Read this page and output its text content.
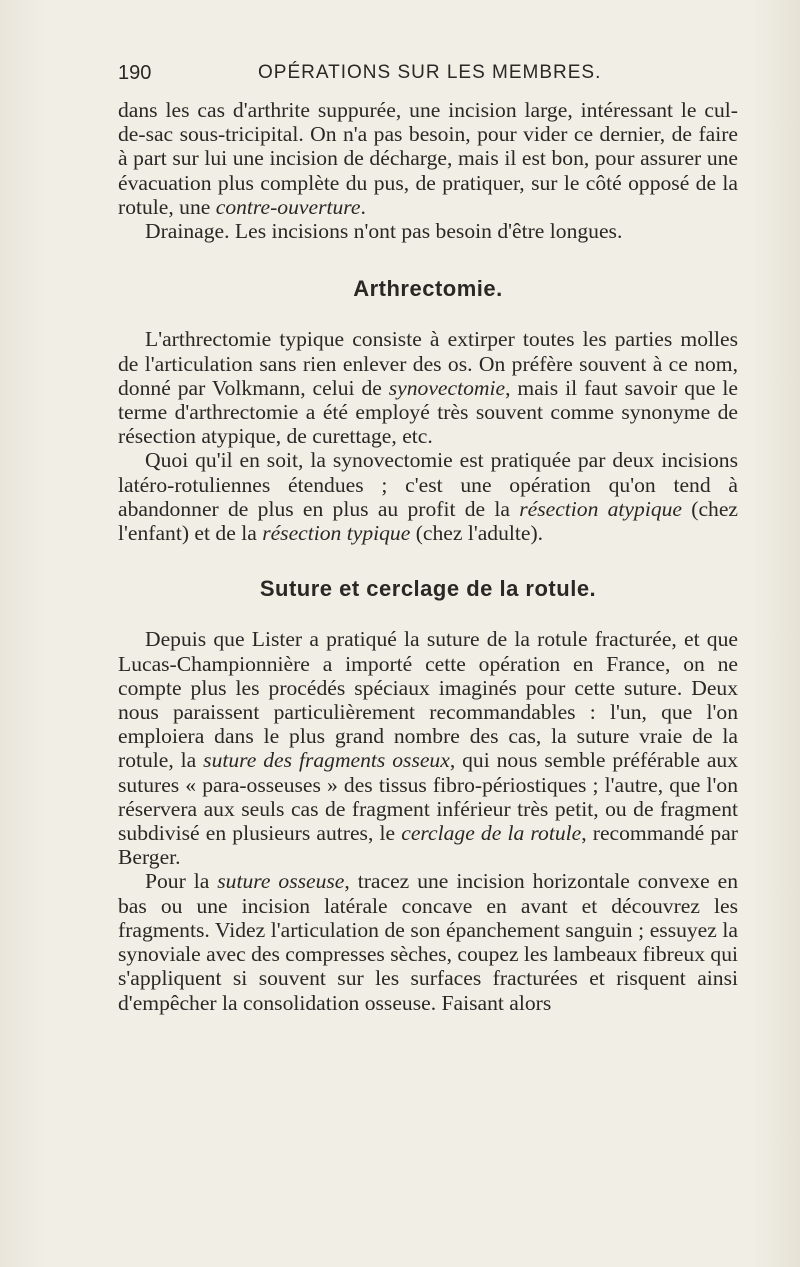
190	OPÉRATIONS SUR LES MEMBRES.

dans les cas d'arthrite suppurée, une incision large, intéressant le cul-de-sac sous-tricipital. On n'a pas besoin, pour vider ce dernier, de faire à part sur lui une incision de décharge, mais il est bon, pour assurer une évacuation plus complète du pus, de pratiquer, sur le côté opposé de la rotule, une contre-ouverture.

Drainage. Les incisions n'ont pas besoin d'être longues.

Arthrectomie.

L'arthrectomie typique consiste à extirper toutes les parties molles de l'articulation sans rien enlever des os. On préfère souvent à ce nom, donné par Volkmann, celui de synovectomie, mais il faut savoir que le terme d'arthrectomie a été employé très souvent comme synonyme de résection atypique, de curettage, etc.

Quoi qu'il en soit, la synovectomie est pratiquée par deux incisions latéro-rotuliennes étendues ; c'est une opération qu'on tend à abandonner de plus en plus au profit de la résection atypique (chez l'enfant) et de la résection typique (chez l'adulte).

Suture et cerclage de la rotule.

Depuis que Lister a pratiqué la suture de la rotule fracturée, et que Lucas-Championnière a importé cette opération en France, on ne compte plus les procédés spéciaux imaginés pour cette suture. Deux nous paraissent particulièrement recommandables : l'un, que l'on emploiera dans le plus grand nombre des cas, la suture vraie de la rotule, la suture des fragments osseux, qui nous semble préférable aux sutures « para-osseuses » des tissus fibro-périostiques ; l'autre, que l'on réservera aux seuls cas de fragment inférieur très petit, ou de fragment subdivisé en plusieurs autres, le cerclage de la rotule, recommandé par Berger.

Pour la suture osseuse, tracez une incision horizontale convexe en bas ou une incision latérale concave en avant et découvrez les fragments. Videz l'articulation de son épanchement sanguin ; essuyez la synoviale avec des compresses sèches, coupez les lambeaux fibreux qui s'appliquent si souvent sur les surfaces fracturées et risquent ainsi d'empêcher la consolidation osseuse. Faisant alors
